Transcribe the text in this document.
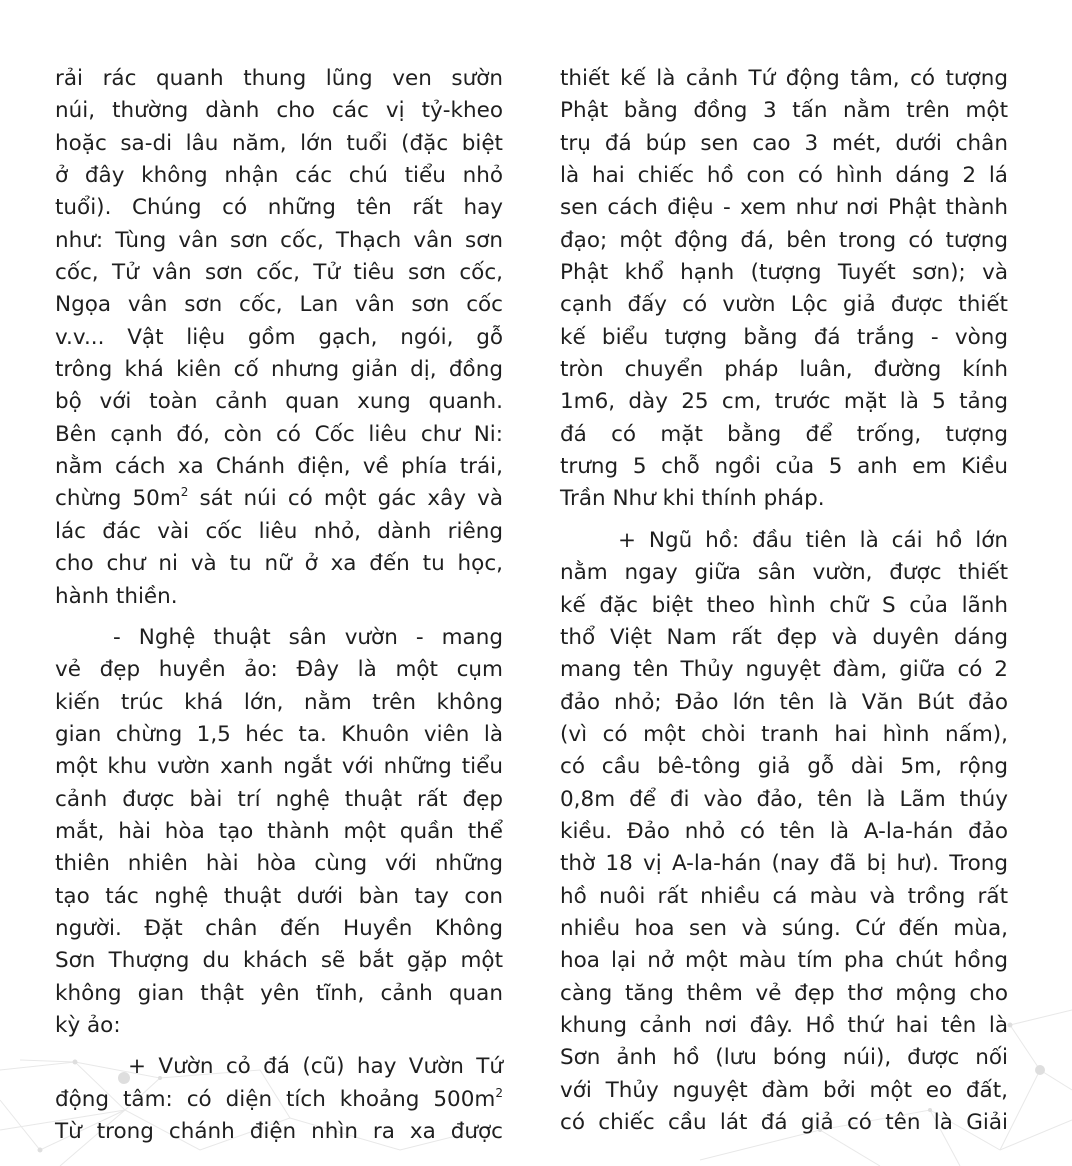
rải rác quanh thung lũng ven sườn
núi, thường dành cho các vị tỷ-kheo
hoặc sa-di lâu năm, lớn tuổi (đặc biệt
ở đây không nhận các chú tiểu nhỏ
tuổi). Chúng có những tên rất hay
như: Tùng vân sơn cốc, Thạch vân sơn
cốc, Tử vân sơn cốc, Tử tiêu sơn cốc,
Ngọa vân sơn cốc, Lan vân sơn cốc
v.v... Vật liệu gồm gạch, ngói, gỗ
trông khá kiên cố nhưng giản dị, đồng
bộ với toàn cảnh quan xung quanh.
Bên cạnh đó, còn có Cốc liêu chư Ni:
nằm cách xa Chánh điện, về phía trái,
chừng $50m^2$ sát núi có một gác xây và
lác đác vài cốc liêu nhỏ, dành riêng
cho chư ni và tu nữ ở xa đến tu học,
hành thiền.
- Nghệ thuật sân vườn - mang
vẻ đẹp huyền ảo: Đây là một cụm
kiến trúc khá lớn, nằm trên không
gian chừng 1,5 héc ta. Khuôn viên là
một khu vườn xanh ngắt với những tiểu
cảnh được bài trí nghệ thuật rất đẹp
mắt, hài hòa tạo thành một quần thể
thiên nhiên hài hòa cùng với những
tạo tác nghệ thuật dưới bàn tay con
người. Đặt chân đến Huyền Không
Sơn Thượng du khách sẽ bắt gặp một
không gian thật yên tĩnh, cảnh quan
kỳ ảo:
+ Vườn cỏ đá (cũ) hay Vườn Tứ
động tâm: có diện tích khoảng $500m^2$
Từ trong chánh điện nhìn ra xa được
thiết kế là cảnh Tứ động tâm, có tượng
Phật bằng đồng 3 tấn nằm trên một
trụ đá búp sen cao 3 mét, dưới chân
là hai chiếc hồ con có hình dáng 2 lá
sen cách điệu - xem như nơi Phật thành
đạo; một động đá, bên trong có tượng
Phật khổ hạnh (tượng Tuyết sơn); và
cạnh đấy có vườn Lộc giả được thiết
kế biểu tượng bằng đá trắng - vòng
tròn chuyển pháp luân, đường kính
1m6, dày 25 cm, trước mặt là 5 tảng
đá có mặt bằng để trống, tượng
trưng 5 chỗ ngồi của 5 anh em Kiều
Trần Như khi thính pháp.
+ Ngũ hồ: đầu tiên là cái hồ lớn
nằm ngay giữa sân vườn, được thiết
kế đặc biệt theo hình chữ S của lãnh
thổ Việt Nam rất đẹp và duyên dáng
mang tên Thủy nguyệt đàm, giữa có 2
đảo nhỏ; Đảo lớn tên là Văn Bút đảo
(vì có một chòi tranh hai hình nấm),
có cầu bê-tông giả gỗ dài 5m, rộng
0,8m để đi vào đảo, tên là Lãm thúy
kiều. Đảo nhỏ có tên là A-la-hán đảo
thờ 18 vị A-la-hán (nay đã bị hư). Trong
hồ nuôi rất nhiều cá màu và trồng rất
nhiều hoa sen và súng. Cứ đến mùa,
hoa lại nở một màu tím pha chút hồng
càng tăng thêm vẻ đẹp thơ mộng cho
khung cảnh nơi đây. Hồ thứ hai tên là
Sơn ảnh hồ (lưu bóng núi), được nối
với Thủy nguyệt đàm bởi một eo đất,
có chiếc cầu lát đá giả có tên là Giải
